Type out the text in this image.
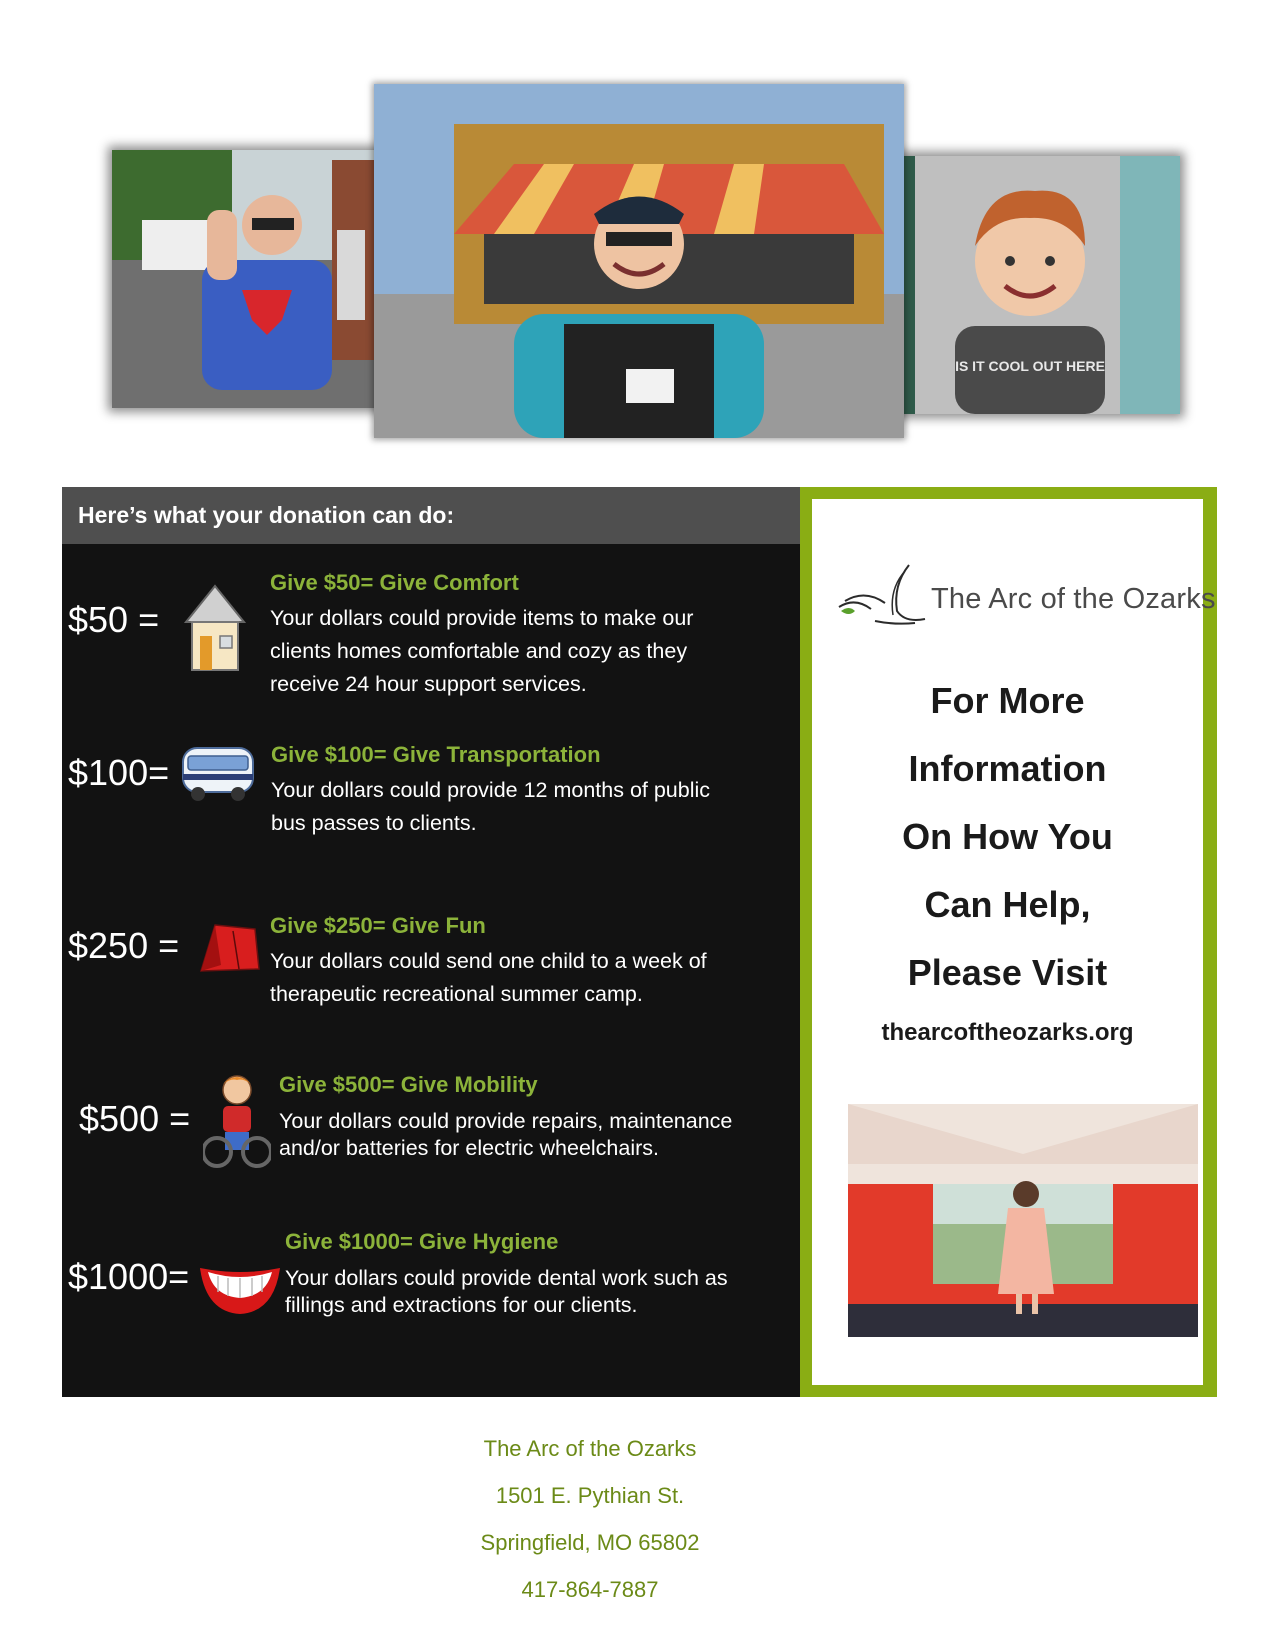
IS IT COOL OUT HERE
Here’s what your donation can do:
$50 =
Give $50= Give Comfort
Your dollars could provide items to make our
clients homes comfortable and cozy as they
receive 24 hour support services.
$100=	Give $100= Give Transportation
Your dollars could provide 12 months of public
bus passes to clients.
$250 =	Give $250= Give Fun
Your dollars could send one child to a week of
therapeutic recreational summer camp.
$500 =
Give $500= Give Mobility
Your dollars could provide repairs, maintenance
and/or batteries for electric wheelchairs.
$1000=
Give $1000= Give Hygiene
Your dollars could provide dental work such as
fillings and extractions for our clients.
The Arc of the Ozarks
For More
Information
On How You
Can Help,
Please Visit
thearcoftheozarks.org
The Arc of the Ozarks
1501 E. Pythian St.
Springfield, MO 65802
417-864-7887
